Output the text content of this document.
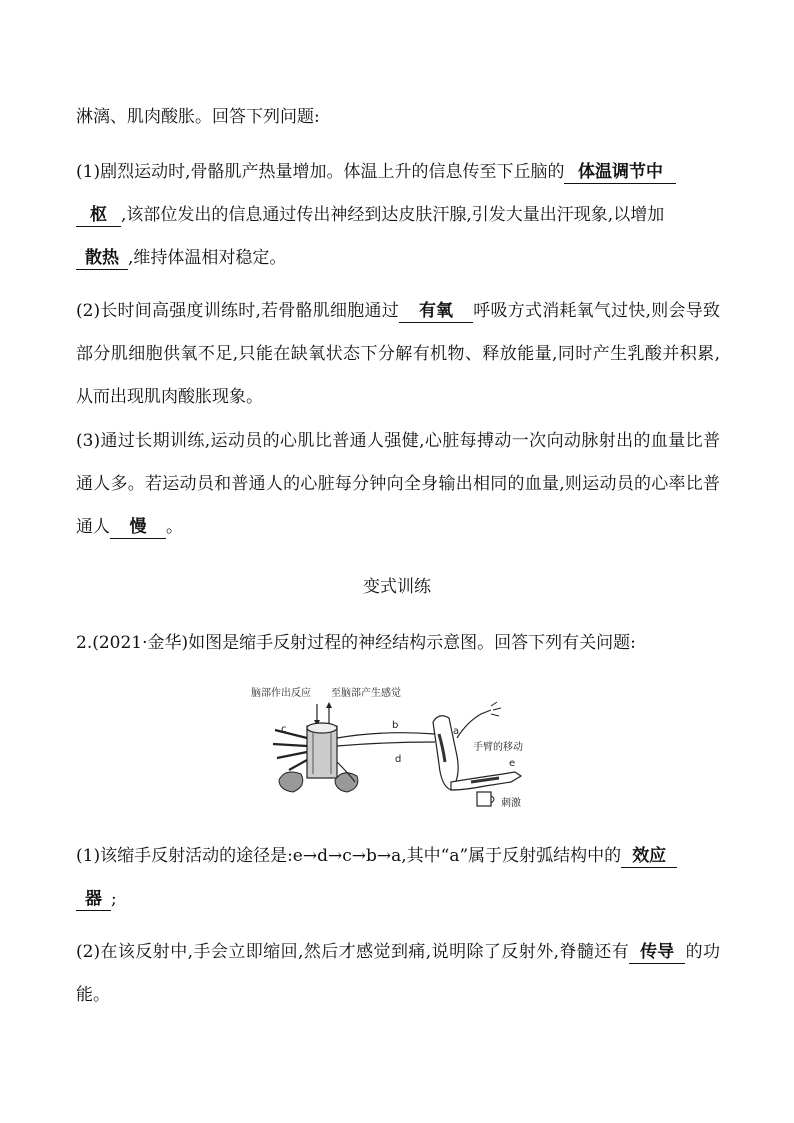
淋漓、肌肉酸胀。回答下列问题:

(1)剧烈运动时,骨骼肌产热量增加。体温上升的信息传至下丘脑的 体温调节中
枢 ,该部位发出的信息通过传出神经到达皮肤汗腺,引发大量出汗现象,以增加
散热 ,维持体温相对稳定。

(2)长时间高强度训练时,若骨骼肌细胞通过 有氧 呼吸方式消耗氧气过快,则会导致部分肌细胞供氧不足,只能在缺氧状态下分解有机物、释放能量,同时产生乳酸并积累,从而出现肌肉酸胀现象。

(3)通过长期训练,运动员的心肌比普通人强健,心脏每搏动一次向动脉射出的血量比普通人多。若运动员和普通人的心脏每分钟向全身输出相同的血量,则运动员的心率比普通人 慢 。

变式训练

2.(2021·金华)如图是缩手反射过程的神经结构示意图。回答下列有关问题:

脑部作出反应 至脑部产生感觉
c	b
d
a
手臂的移动
e
刺激

(1)该缩手反射活动的途径是:e→d→c→b→a,其中“a”属于反射弧结构中的 效应
器 ;

(2)在该反射中,手会立即缩回,然后才感觉到痛,说明除了反射外,脊髓还有 传导 的功能。
